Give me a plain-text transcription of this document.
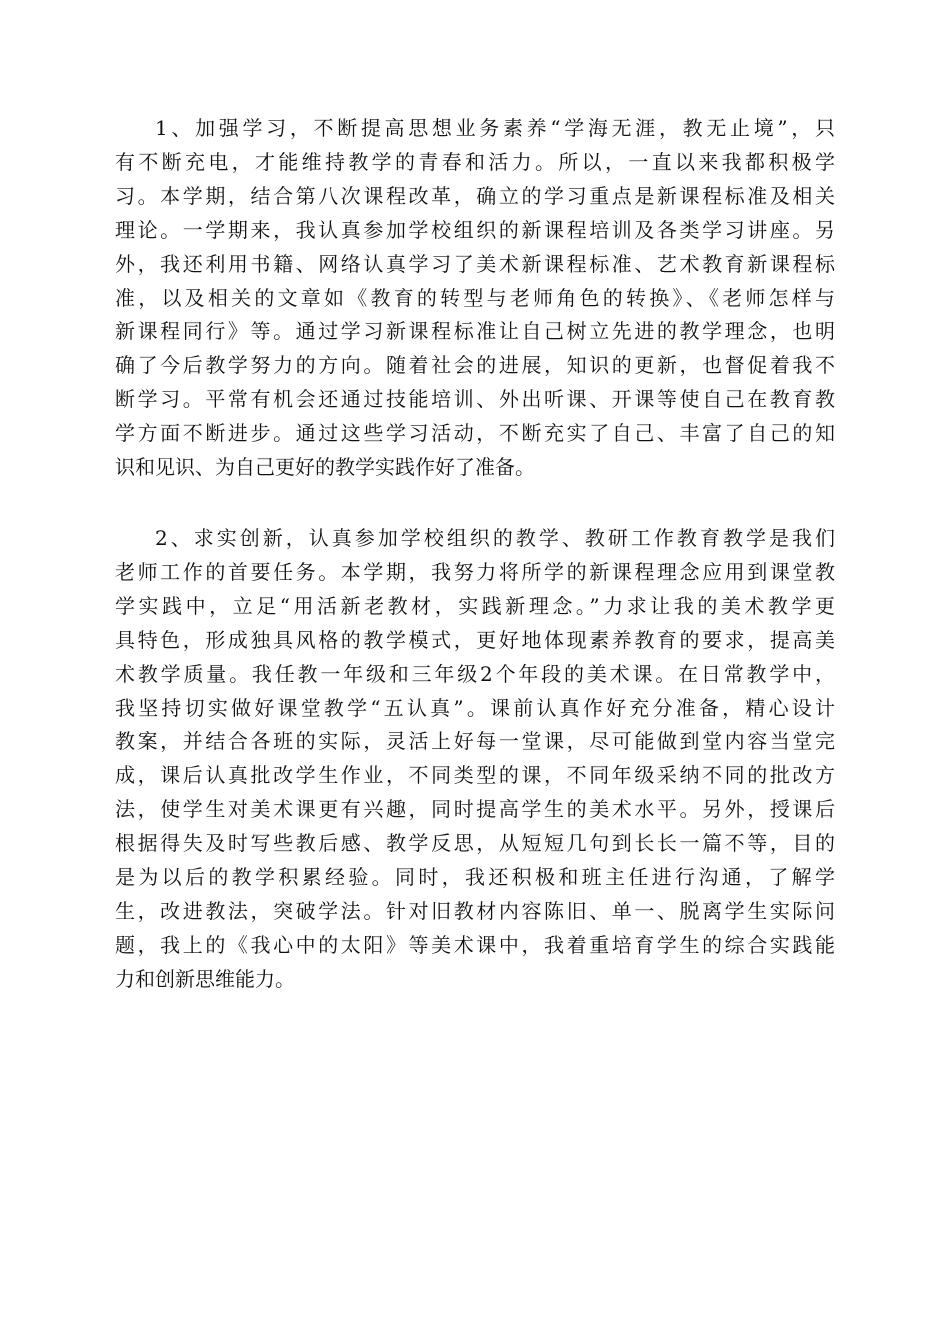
1、加强学习，不断提高思想业务素养“学海无涯，教无止境”，只
有不断充电，才能维持教学的青春和活力。所以，一直以来我都积极学
习。本学期，结合第八次课程改革，确立的学习重点是新课程标准及相关
理论。一学期来，我认真参加学校组织的新课程培训及各类学习讲座。另
外，我还利用书籍、网络认真学习了美术新课程标准、艺术教育新课程标
准，以及相关的文章如《教育的转型与老师角色的转换》、《老师怎样与
新课程同行》等。通过学习新课程标准让自己树立先进的教学理念，也明
确了今后教学努力的方向。随着社会的进展，知识的更新，也督促着我不
断学习。平常有机会还通过技能培训、外出听课、开课等使自己在教育教
学方面不断进步。通过这些学习活动，不断充实了自己、丰富了自己的知
识和见识、为自己更好的教学实践作好了准备。
2、求实创新，认真参加学校组织的教学、教研工作教育教学是我们
老师工作的首要任务。本学期，我努力将所学的新课程理念应用到课堂教
学实践中，立足“用活新老教材，实践新理念。”力求让我的美术教学更
具特色，形成独具风格的教学模式，更好地体现素养教育的要求，提高美
术教学质量。我任教一年级和三年级2个年段的美术课。在日常教学中，
我坚持切实做好课堂教学“五认真”。课前认真作好充分准备，精心设计
教案，并结合各班的实际，灵活上好每一堂课，尽可能做到堂内容当堂完
成，课后认真批改学生作业，不同类型的课，不同年级采纳不同的批改方
法，使学生对美术课更有兴趣，同时提高学生的美术水平。另外，授课后
根据得失及时写些教后感、教学反思，从短短几句到长长一篇不等，目的
是为以后的教学积累经验。同时，我还积极和班主任进行沟通，了解学
生，改进教法，突破学法。针对旧教材内容陈旧、单一、脱离学生实际问
题，我上的《我心中的太阳》等美术课中，我着重培育学生的综合实践能
力和创新思维能力。
